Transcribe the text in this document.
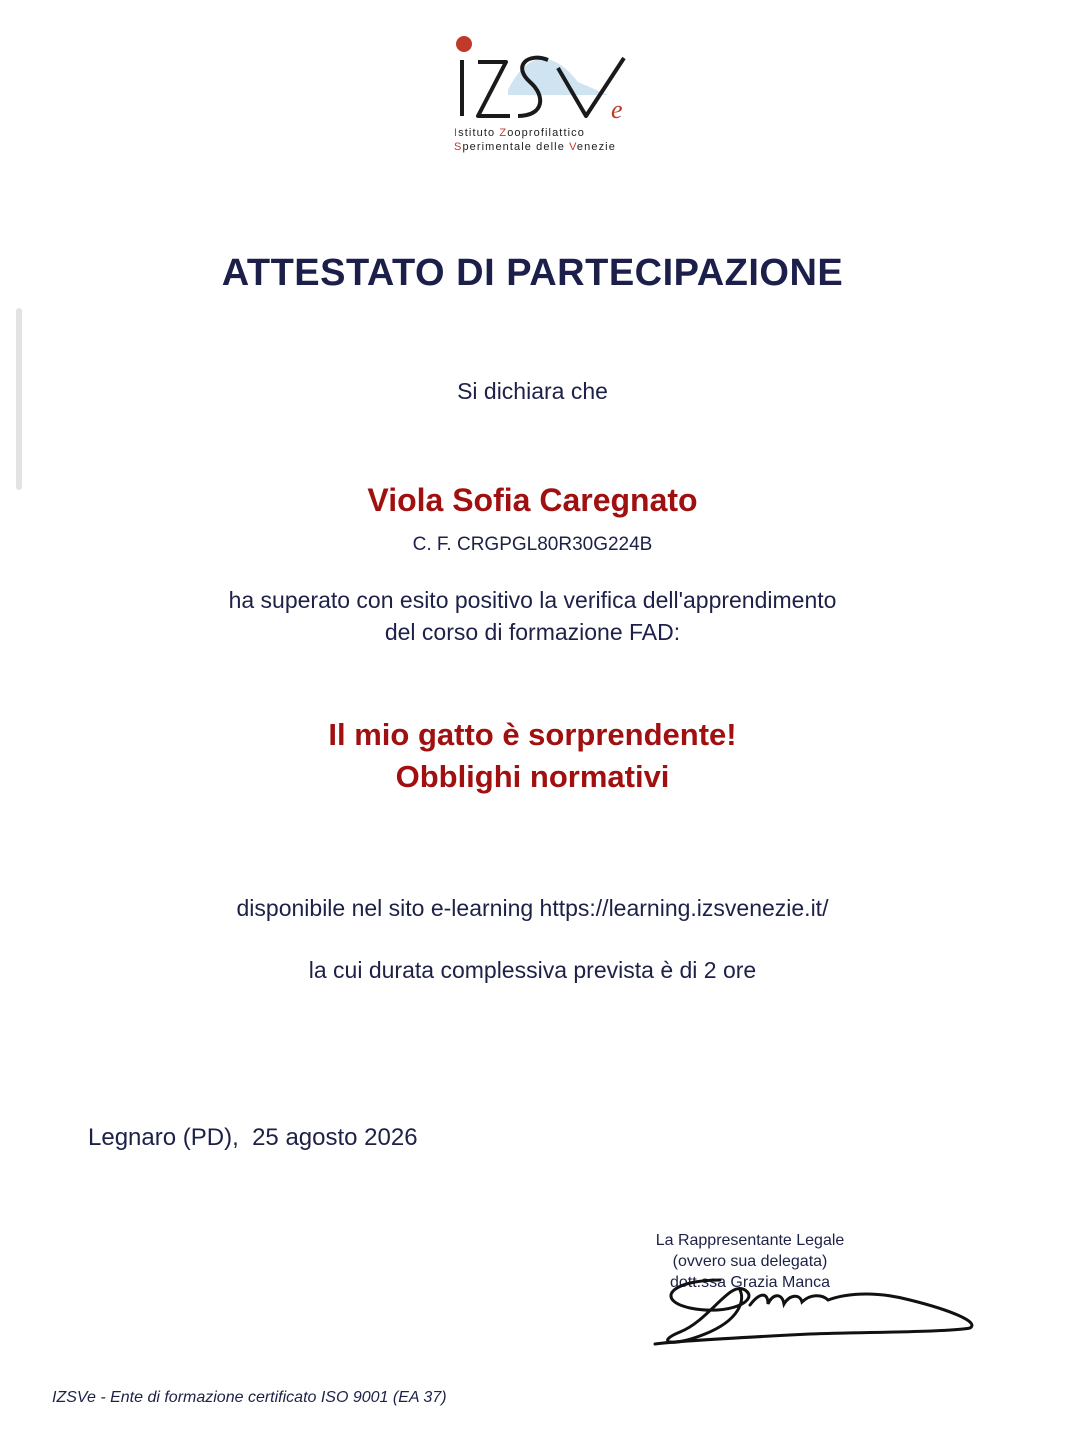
e
Istituto Zooprofilattico
Sperimentale delle Venezie
ATTESTATO DI PARTECIPAZIONE
Si dichiara che
Viola Sofia Caregnato
C. F. CRGPGL80R30G224B
ha superato con esito positivo la verifica dell'apprendimento
del corso di formazione FAD:
Il mio gatto è sorprendente!
Obblighi normativi
disponibile nel sito e-learning https://learning.izsvenezie.it/
la cui durata complessiva prevista è di 2 ore
Legnaro (PD),  25 agosto 2026
La Rappresentante Legale
(ovvero sua delegata)
dott.ssa Grazia Manca
IZSVe - Ente di formazione certificato ISO 9001 (EA 37)
